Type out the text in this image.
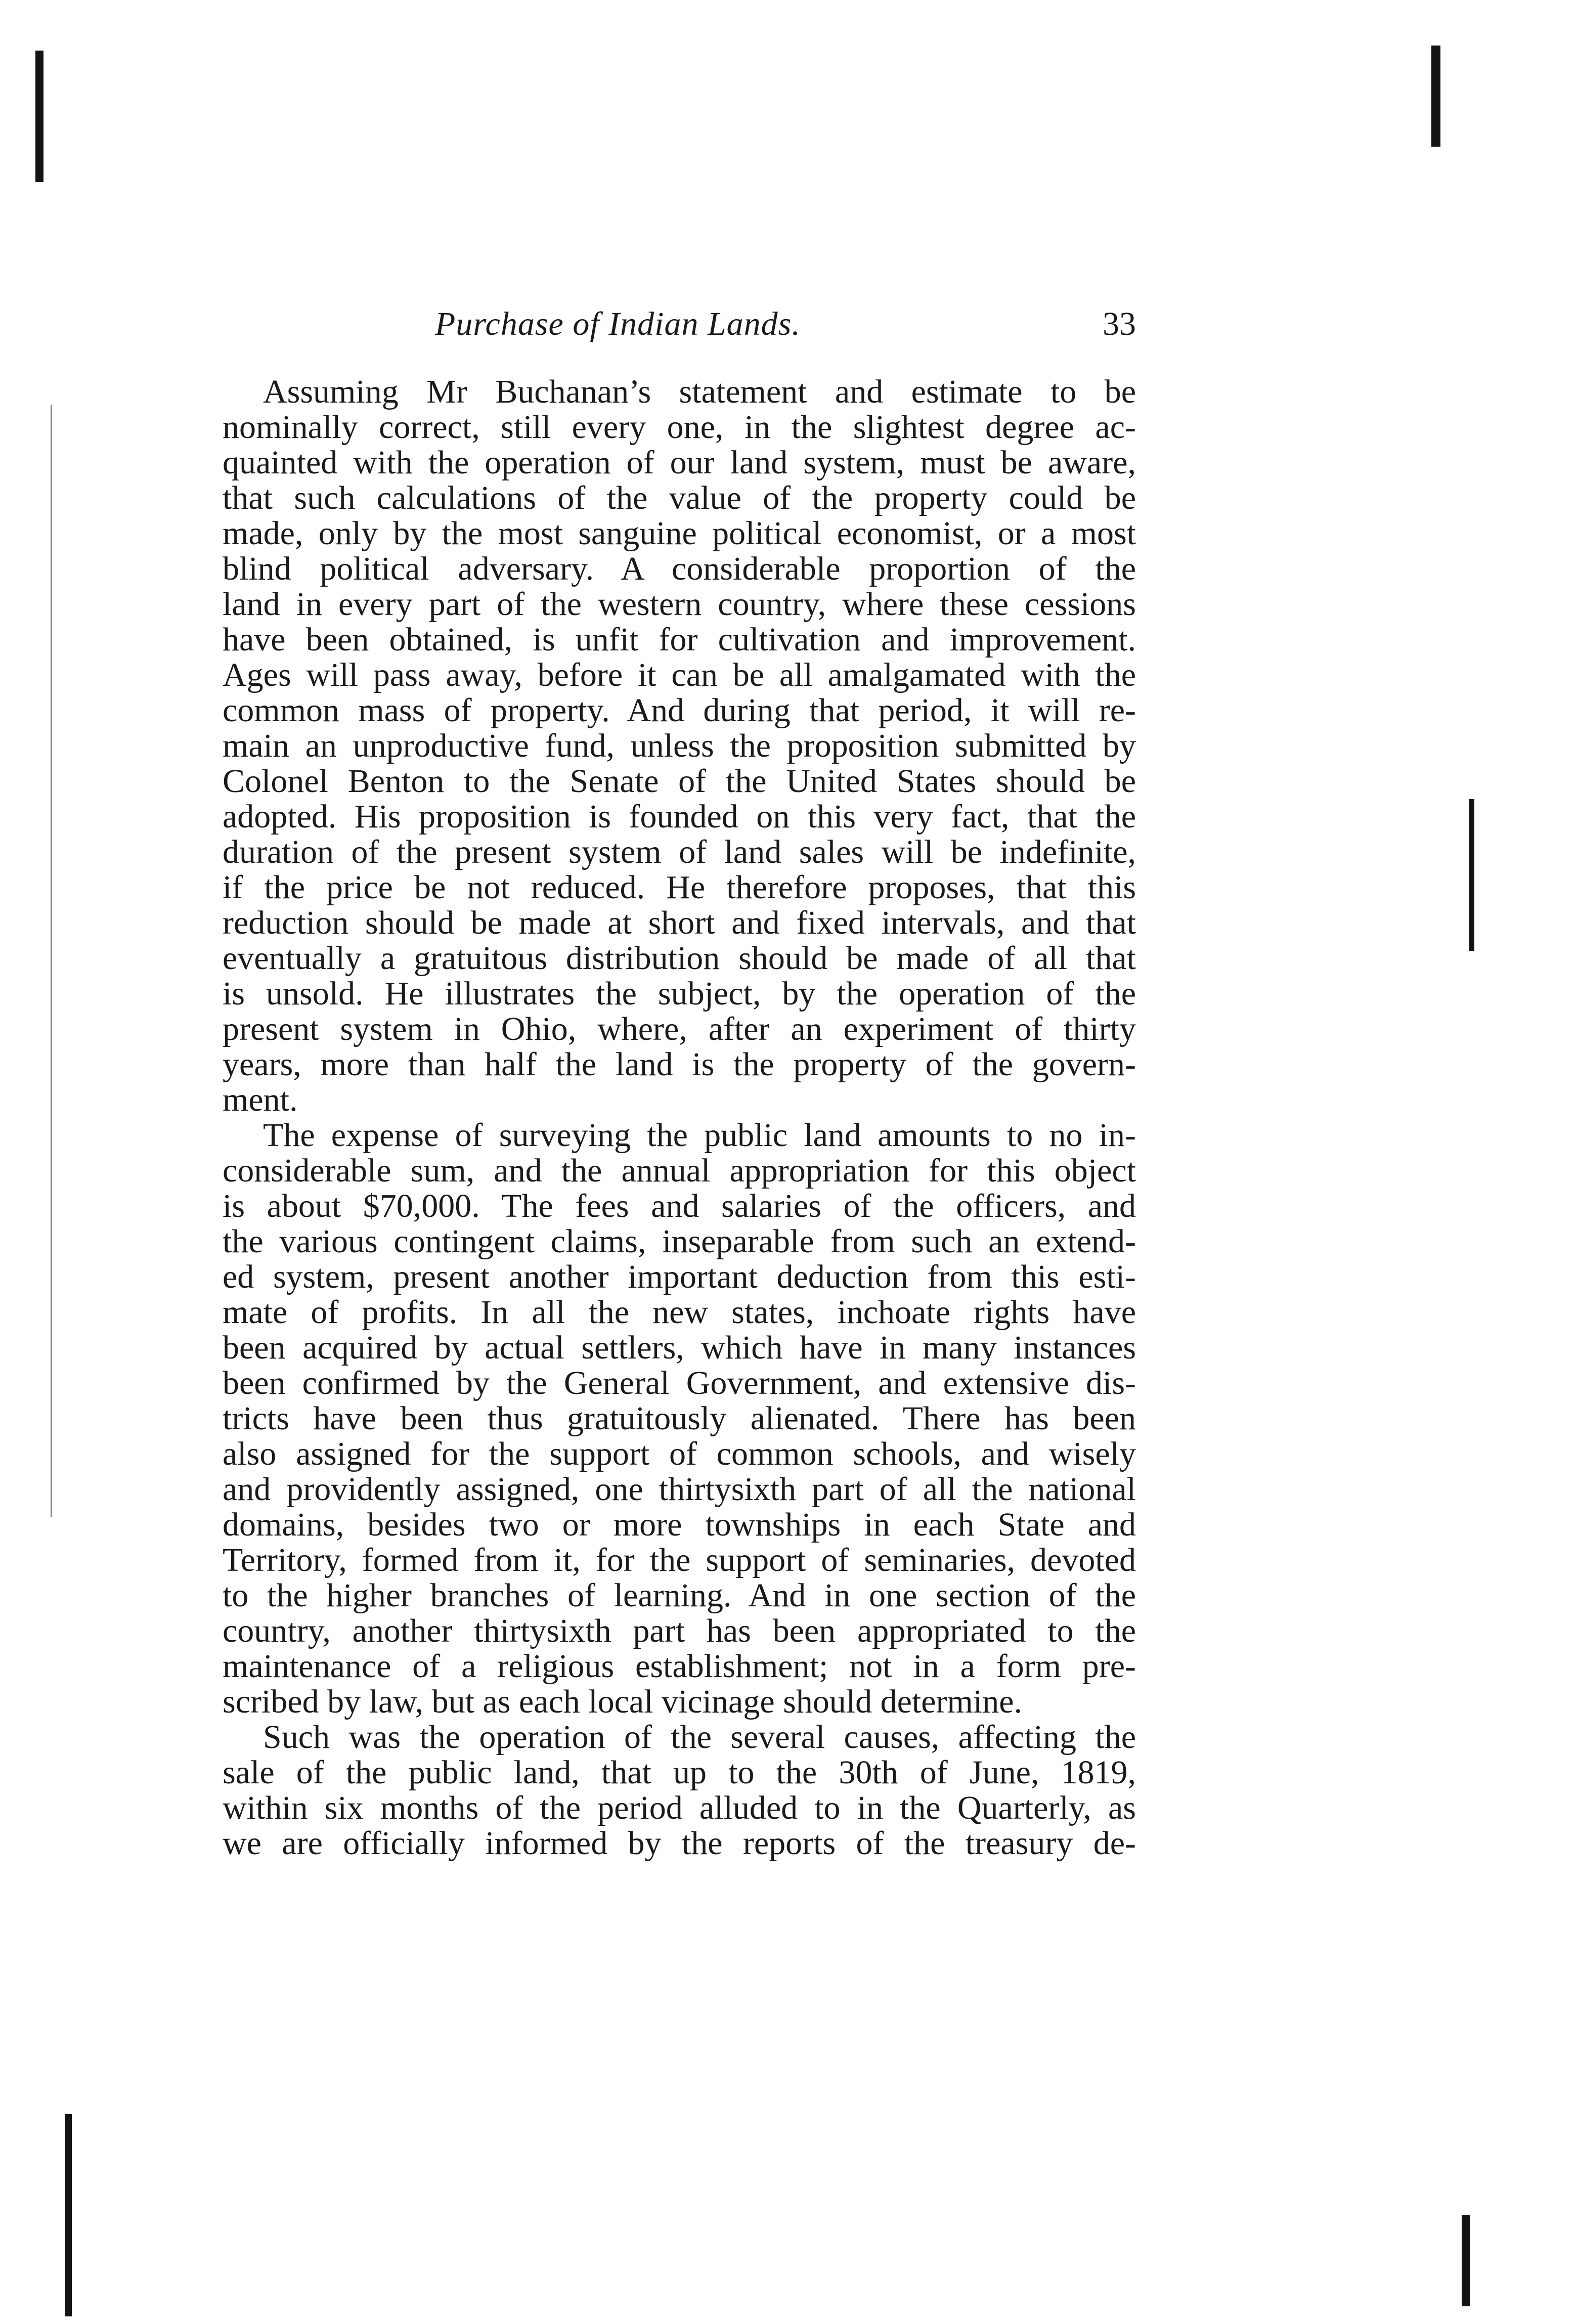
Purchase of Indian Lands.	33
Assuming Mr Buchanan’s statement and estimate to be
nominally correct, still every one, in the slightest degree ac-
quainted with the operation of our land system, must be aware,
that such calculations of the value of the property could be
made, only by the most sanguine political economist, or a most
blind political adversary. A considerable proportion of the
land in every part of the western country, where these cessions
have been obtained, is unfit for cultivation and improvement.
Ages will pass away, before it can be all amalgamated with the
common mass of property. And during that period, it will re-
main an unproductive fund, unless the proposition submitted by
Colonel Benton to the Senate of the United States should be
adopted. His proposition is founded on this very fact, that the
duration of the present system of land sales will be indefinite,
if the price be not reduced. He therefore proposes, that this
reduction should be made at short and fixed intervals, and that
eventually a gratuitous distribution should be made of all that
is unsold. He illustrates the subject, by the operation of the
present system in Ohio, where, after an experiment of thirty
years, more than half the land is the property of the govern-
ment.
The expense of surveying the public land amounts to no in-
considerable sum, and the annual appropriation for this object
is about $70,000. The fees and salaries of the officers, and
the various contingent claims, inseparable from such an extend-
ed system, present another important deduction from this esti-
mate of profits. In all the new states, inchoate rights have
been acquired by actual settlers, which have in many instances
been confirmed by the General Government, and extensive dis-
tricts have been thus gratuitously alienated. There has been
also assigned for the support of common schools, and wisely
and providently assigned, one thirtysixth part of all the national
domains, besides two or more townships in each State and
Territory, formed from it, for the support of seminaries, devoted
to the higher branches of learning. And in one section of the
country, another thirtysixth part has been appropriated to the
maintenance of a religious establishment; not in a form pre-
scribed by law, but as each local vicinage should determine.
Such was the operation of the several causes, affecting the
sale of the public land, that up to the 30th of June, 1819,
within six months of the period alluded to in the Quarterly, as
we are officially informed by the reports of the treasury de-
